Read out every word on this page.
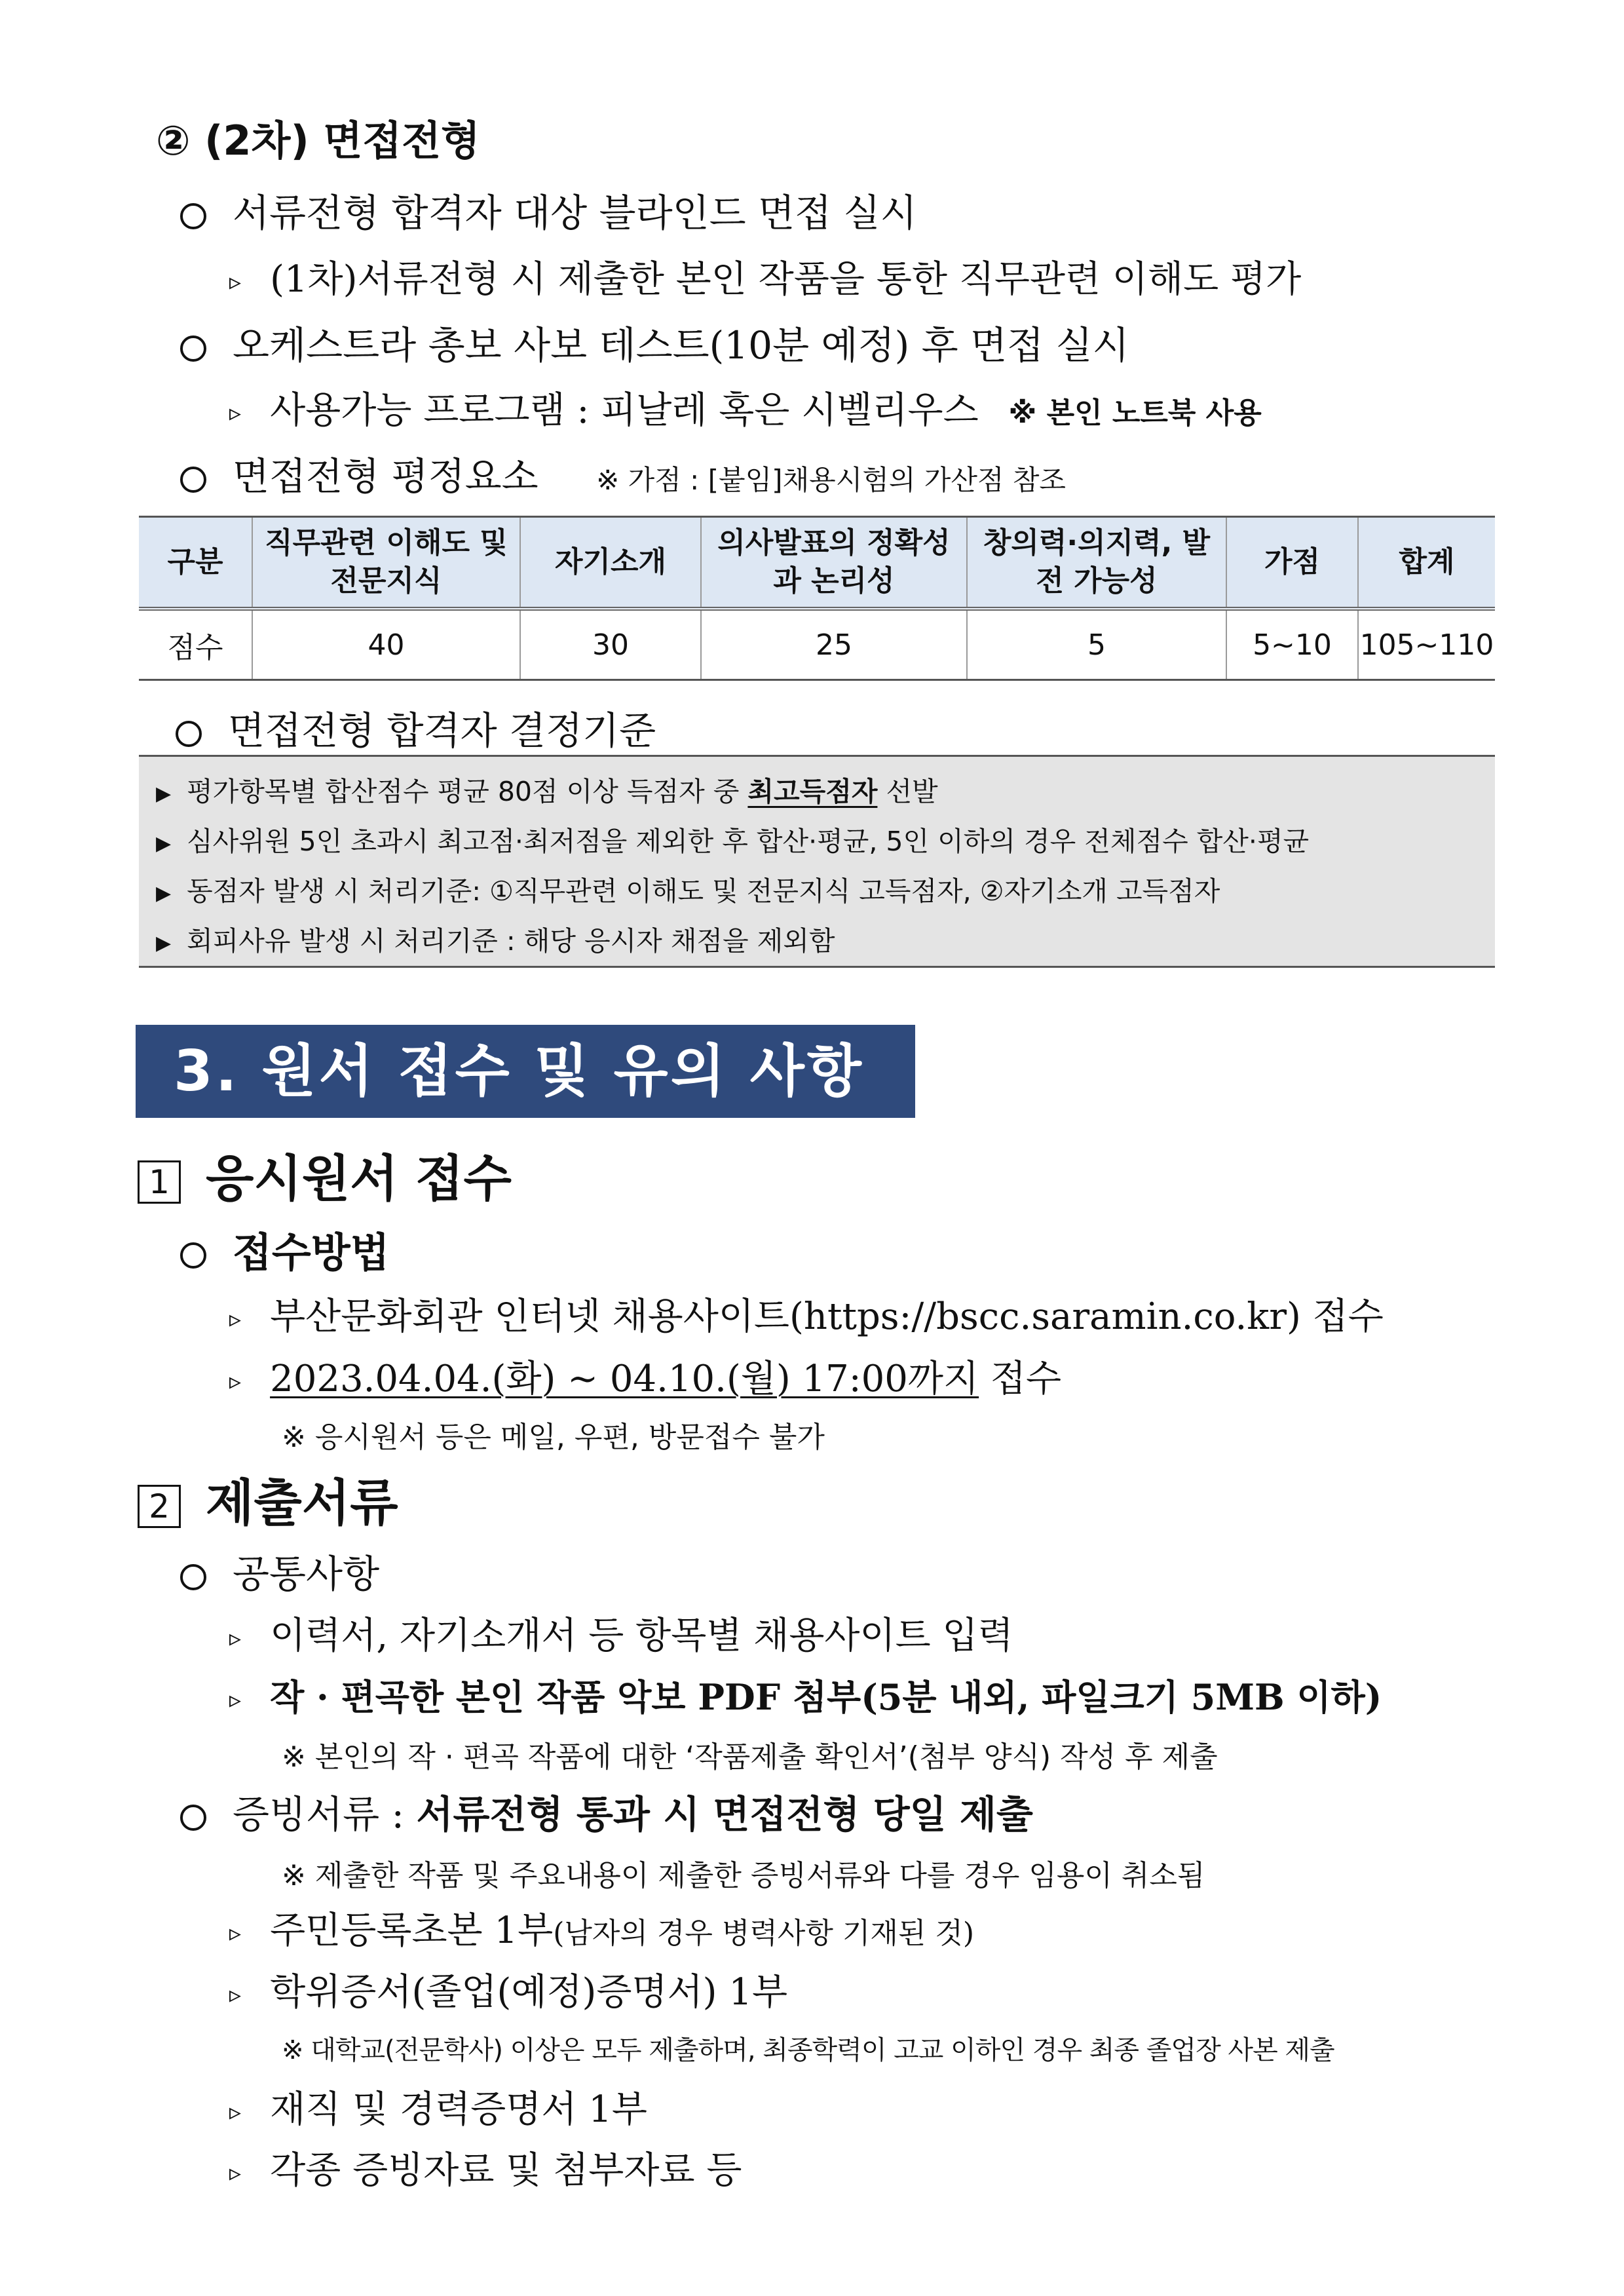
② (2차) 면접전형
서류전형 합격자 대상 블라인드 면접 실시
▹ (1차)서류전형 시 제출한 본인 작품을 통한 직무관련 이해도 평가
오케스트라 총보 사보 테스트(10분 예정) 후 면접 실시
▹ 사용가능 프로그램 : 피날레 혹은 시벨리우스 ※ 본인 노트북 사용
면접전형 평정요소 ※ 가점 : [붙임]채용시험의 가산점 참조
구분	직무관련 이해도 및 전문지식	자기소개	의사발표의 정확성과 논리성	창의력·의지력, 발전 가능성	가점	합계
점수	40	30	25	5	5~10	105~110
면접전형 합격자 결정기준
▶ 평가항목별 합산점수 평균 80점 이상 득점자 중 최고득점자 선발
▶ 심사위원 5인 초과시 최고점·최저점을 제외한 후 합산·평균, 5인 이하의 경우 전체점수 합산·평균
▶ 동점자 발생 시 처리기준: ①직무관련 이해도 및 전문지식 고득점자, ②자기소개 고득점자
▶ 회피사유 발생 시 처리기준 : 해당 응시자 채점을 제외함
3. 원서 접수 및 유의 사항
1 응시원서 접수
접수방법
▹ 부산문화회관 인터넷 채용사이트(https://bscc.saramin.co.kr) 접수
▹ 2023.04.04.(화) ~ 04.10.(월) 17:00까지 접수
※ 응시원서 등은 메일, 우편, 방문접수 불가
2 제출서류
공통사항
▹ 이력서, 자기소개서 등 항목별 채용사이트 입력
▹ 작 · 편곡한 본인 작품 악보 PDF 첨부(5분 내외, 파일크기 5MB 이하)
※ 본인의 작 · 편곡 작품에 대한 ‘작품제출 확인서’(첨부 양식) 작성 후 제출
증빙서류 : 서류전형 통과 시 면접전형 당일 제출
※ 제출한 작품 및 주요내용이 제출한 증빙서류와 다를 경우 임용이 취소됨
▹ 주민등록초본 1부(남자의 경우 병력사항 기재된 것)
▹ 학위증서(졸업(예정)증명서) 1부
※ 대학교(전문학사) 이상은 모두 제출하며, 최종학력이 고교 이하인 경우 최종 졸업장 사본 제출
▹ 재직 및 경력증명서 1부
▹ 각종 증빙자료 및 첨부자료 등
